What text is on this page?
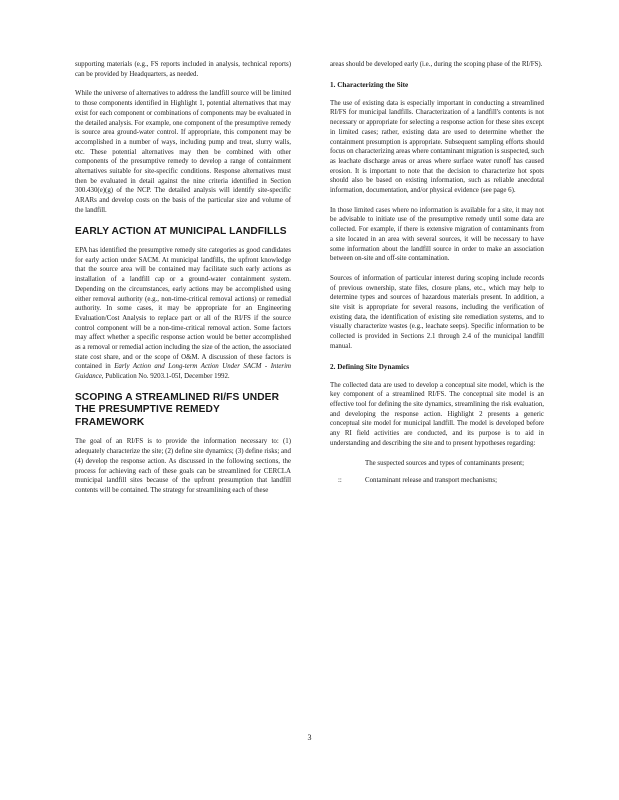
supporting materials (e.g., FS reports included in analysis, technical reports) can be provided by Headquarters, as needed.

While the universe of alternatives to address the landfill source will be limited to those components identified in Highlight 1, potential alternatives that may exist for each component or combinations of components may be evaluated in the detailed analysis. For example, one component of the presumptive remedy is source area ground-water control. If appropriate, this component may be accomplished in a number of ways, including pump and treat, slurry walls, etc. These potential alternatives may then be combined with other components of the presumptive remedy to develop a range of containment alternatives suitable for site-specific conditions. Response alternatives must then be evaluated in detail against the nine criteria identified in Section 300.430(e)(g) of the NCP. The detailed analysis will identify site-specific ARARs and develop costs on the basis of the particular size and volume of the landfill.

EARLY ACTION AT MUNICIPAL LANDFILLS

EPA has identified the presumptive remedy site categories as good candidates for early action under SACM. At municipal landfills, the upfront knowledge that the source area will be contained may facilitate such early actions as installation of a landfill cap or a ground-water containment system. Depending on the circumstances, early actions may be accomplished using either removal authority (e.g., non-time-critical removal actions) or remedial authority. In some cases, it may be appropriate for an Engineering Evaluation/Cost Analysis to replace part or all of the RI/FS if the source control component will be a non-time-critical removal action. Some factors may affect whether a specific response action would be better accomplished as a removal or remedial action including the size of the action, the associated state cost share, and or the scope of O&M. A discussion of these factors is contained in Early Action and Long-term Action Under SACM - Interim Guidance, Publication No. 9203.1-05I, December 1992.

SCOPING A STREAMLINED RI/FS UNDER THE PRESUMPTIVE REMEDY FRAMEWORK

The goal of an RI/FS is to provide the information necessary to: (1) adequately characterize the site; (2) define site dynamics; (3) define risks; and (4) develop the response action. As discussed in the following sections, the process for achieving each of these goals can be streamlined for CERCLA municipal landfill sites because of the upfront presumption that landfill contents will be contained. The strategy for streamlining each of these

areas should be developed early (i.e., during the scoping phase of the RI/FS).

1. Characterizing the Site

The use of existing data is especially important in conducting a streamlined RI/FS for municipal landfills. Characterization of a landfill's contents is not necessary or appropriate for selecting a response action for these sites except in limited cases; rather, existing data are used to determine whether the containment presumption is appropriate. Subsequent sampling efforts should focus on characterizing areas where contaminant migration is suspected, such as leachate discharge areas or areas where surface water runoff has caused erosion. It is important to note that the decision to characterize hot spots should also be based on existing information, such as reliable anecdotal information, documentation, and/or physical evidence (see page 6).

In those limited cases where no information is available for a site, it may not be advisable to initiate use of the presumptive remedy until some data are collected. For example, if there is extensive migration of contaminants from a site located in an area with several sources, it will be necessary to have some information about the landfill source in order to make an association between on-site and off-site contamination.

Sources of information of particular interest during scoping include records of previous ownership, state files, closure plans, etc., which may help to determine types and sources of hazardous materials present. In addition, a site visit is appropriate for several reasons, including the verification of existing data, the identification of existing site remediation systems, and to visually characterize wastes (e.g., leachate seeps). Specific information to be collected is provided in Sections 2.1 through 2.4 of the municipal landfill manual.

2. Defining Site Dynamics

The collected data are used to develop a conceptual site model, which is the key component of a streamlined RI/FS. The conceptual site model is an effective tool for defining the site dynamics, streamlining the risk evaluation, and developing the response action. Highlight 2 presents a generic conceptual site model for municipal landfill. The model is developed before any RI field activities are conducted, and its purpose is to aid in understanding and describing the site and to present hypotheses regarding:

The suspected sources and types of contaminants present;
::	Contaminant release and transport mechanisms;
3
